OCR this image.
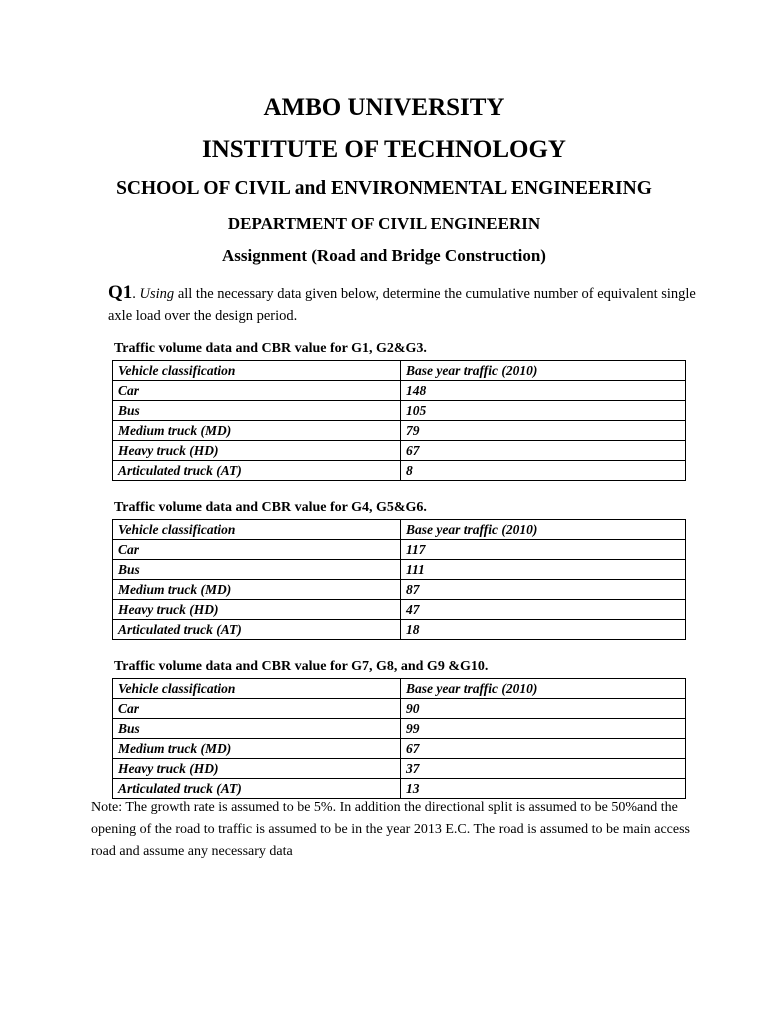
AMBO UNIVERSITY
INSTITUTE OF TECHNOLOGY
SCHOOL OF CIVIL and ENVIRONMENTAL ENGINEERING
DEPARTMENT OF CIVIL ENGINEERIN
Assignment (Road and Bridge Construction)
Q1. Using all the necessary data given below, determine the cumulative number of equivalent single axle load over the design period.
Traffic volume data and CBR value for G1, G2&G3.
Vehicle classification	Base year traffic (2010)
Car	148
Bus	105
Medium truck (MD)	79
Heavy truck (HD)	67
Articulated truck (AT)	8
Traffic volume data and CBR value for G4, G5&G6.
Vehicle classification	Base year traffic (2010)
Car	117
Bus	111
Medium truck (MD)	87
Heavy truck (HD)	47
Articulated truck (AT)	18
Traffic volume data and CBR value for G7, G8, and G9 &G10.
Vehicle classification	Base year traffic (2010)
Car	90
Bus	99
Medium truck (MD)	67
Heavy truck (HD)	37
Articulated truck (AT)	13
Note: The growth rate is assumed to be 5%. In addition the directional split is assumed to be 50%and the opening of the road to traffic is assumed to be in the year 2013 E.C. The road is assumed to be main access road and assume any necessary data
